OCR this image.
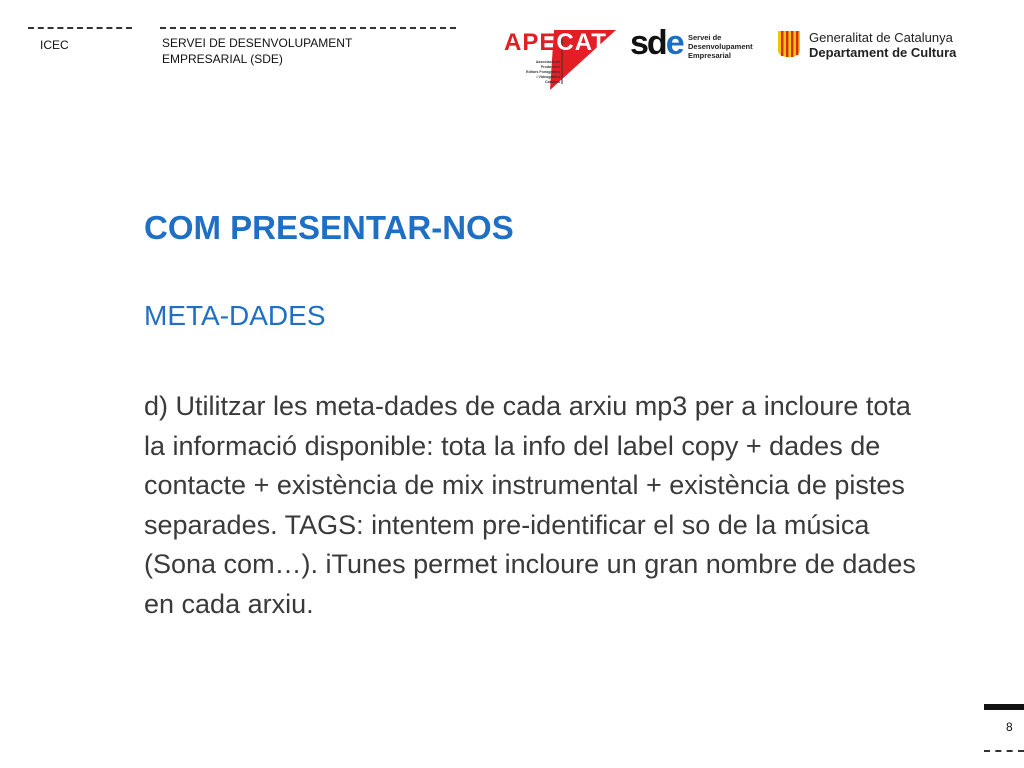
ICEC	SERVEI DE DESENVOLUPAMENT
EMPRESARIAL (SDE)
APECAT
Associació de
Productors
Editors Fonogràfics
i Videogràfics
Catalans
sde Servei de
Desenvolupament
Empresarial
Generalitat de Catalunya
Departament de Cultura
COM PRESENTAR-NOS
META-DADES

d) Utilitzar les meta-dades de cada arxiu mp3 per a incloure tota la informació disponible: tota la info del label copy + dades de contacte + existència de mix instrumental + existència de pistes separades. TAGS: intentem pre-identificar el so de la música (Sona com…). iTunes permet incloure un gran nombre de dades en cada arxiu.

8
